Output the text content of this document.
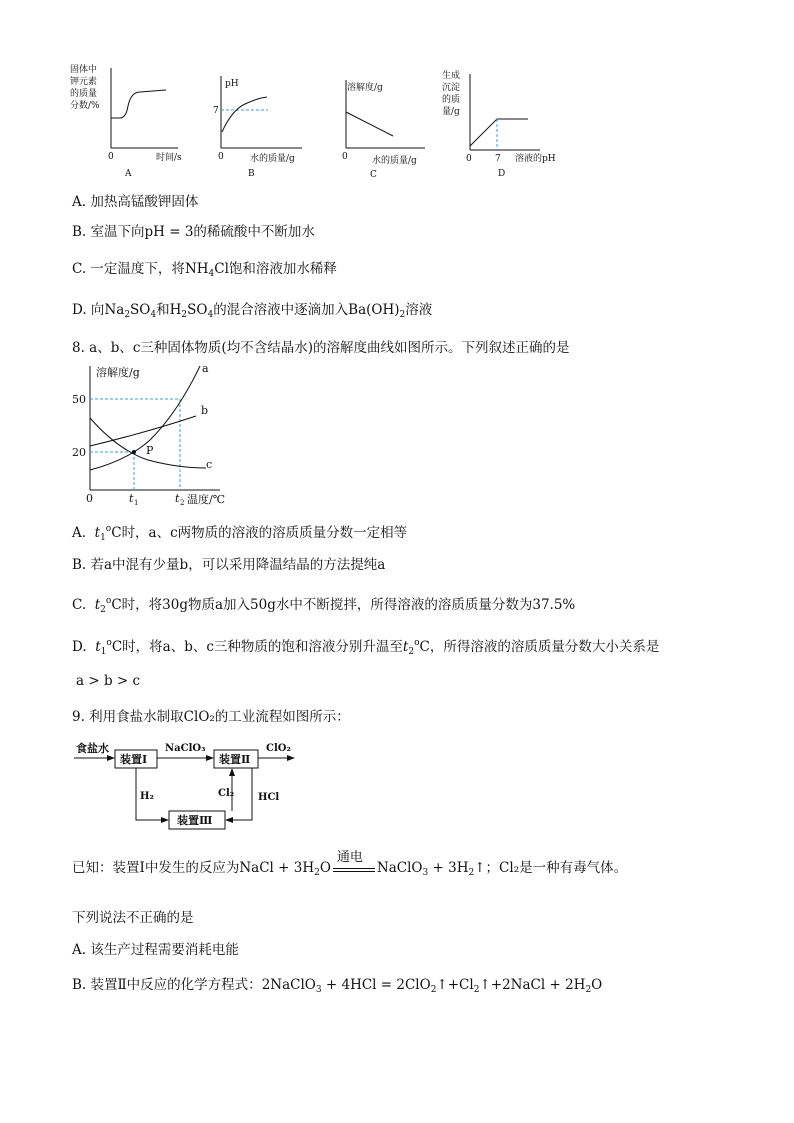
固体中
钾元素
的质量
分数/%
0	时间/s
A
pH
7
0	水的质量/g
B
溶解度/g
0	水的质量/g
C
生成
沉淀
的质
量/g
0	7 溶液的pH
D
A. 加热高锰酸钾固体
B. 室温下向pH = 3的稀硫酸中不断加水
C. 一定温度下，将$NH_4Cl$饱和溶液加水稀释
D. 向$Na_2SO_4$和$H_2SO_4$的混合溶液中逐滴加入$Ba(OH)_2$溶液
8. a、b、c三种固体物质(均不含结晶水)的溶解度曲线如图所示。下列叙述正确的是
溶解度/g
P
a
b
c
50
20
0	t 1	t 2 温度/℃
A.  $t_1^oC$时，a、c两物质的溶液的溶质质量分数一定相等
B. 若a中混有少量b，可以采用降温结晶的方法提纯a
C.  $t_2^oC$时，将30g物质a加入50g水中不断搅拌，所得溶液的溶质质量分数为37.5%
D.  $t_1^oC$时，将a、b、c三种物质的饱和溶液分别升温至$t_2^oC$，所得溶液的溶质质量分数大小关系是
a > b > c
9. 利用食盐水制取ClO₂的工业流程如图所示：
食盐水
装置Ⅰ
NaClO₃
装置Ⅱ
ClO₂
H₂
装置Ⅲ
Cl₂ HCl
已知：装置Ⅰ中发生的反应为NaCl + $3H_2O$
通电
NaClO$_3$ + $3H_2↑$；Cl₂是一种有毒气体。
下列说法不正确的是
A. 该生产过程需要消耗电能
B. 装置Ⅱ中反应的化学方程式：2NaClO$_3$ + $4HCl = 2ClO_2↑+Cl_2↑+2NaCl + 2H_2O$
